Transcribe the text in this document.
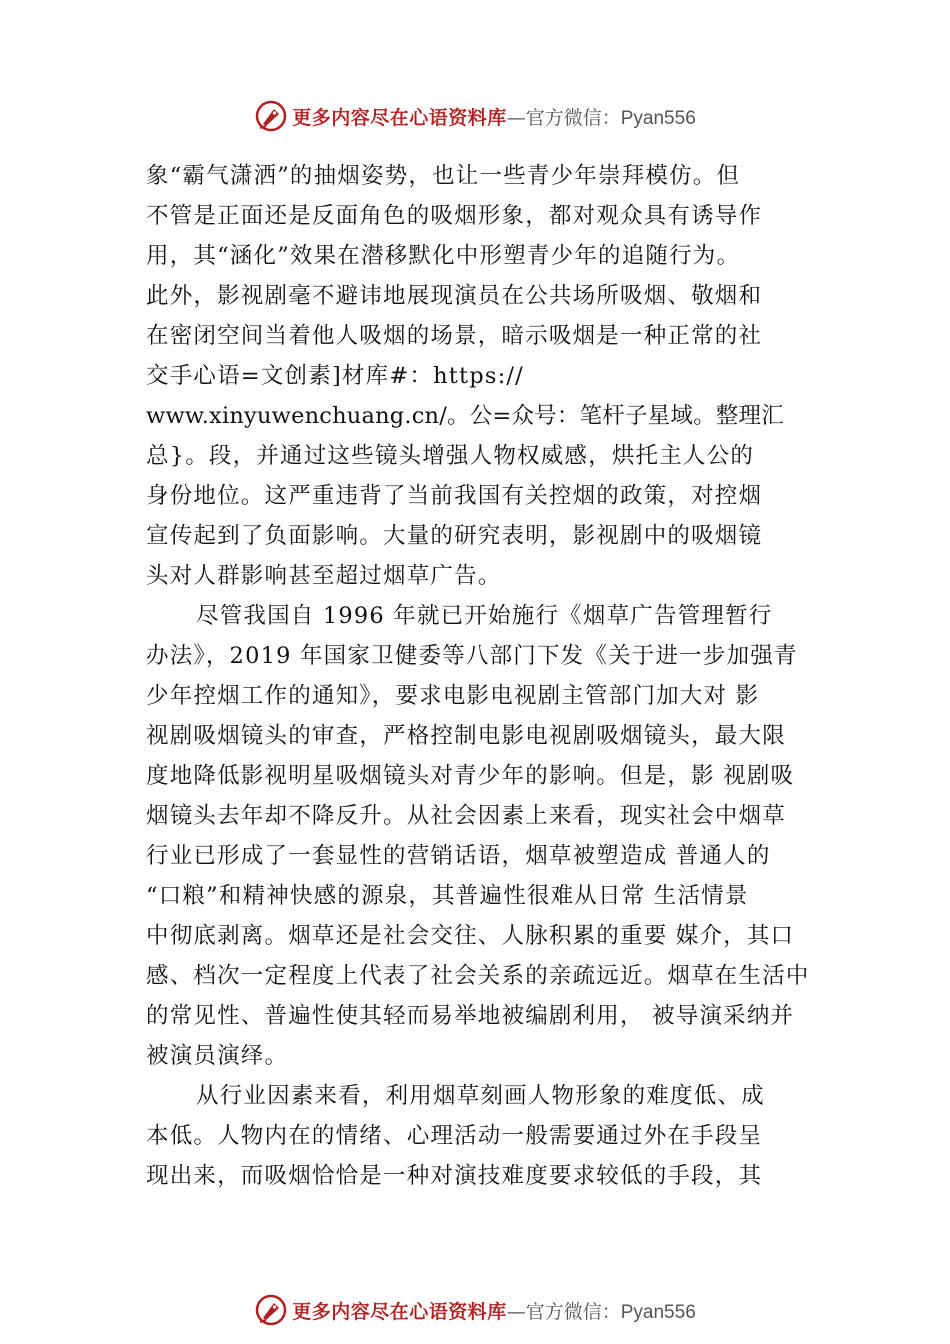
更多内容尽在心语资料库—官方微信：Pyan556
象“霸气潇洒”的抽烟姿势，也让一些青少年崇拜模仿。但
不管是正面还是反面角色的吸烟形象，都对观众具有诱导作
用，其“涵化”效果在潜移默化中形塑青少年的追随行为。
此外，影视剧毫不避讳地展现演员在公共场所吸烟、敬烟和
在密闭空间当着他人吸烟的场景，暗示吸烟是一种正常的社
交手心语=文创素]材库#：https://
www.xinyuwenchuang.cn/。公=众号：笔杆子星域。整理汇
总}。段，并通过这些镜头增强人物权威感，烘托主人公的
身份地位。这严重违背了当前我国有关控烟的政策，对控烟
宣传起到了负面影响。大量的研究表明，影视剧中的吸烟镜
头对人群影响甚至超过烟草广告。
尽管我国自 1996 年就已开始施行《烟草广告管理暂行
办法》，2019 年国家卫健委等八部门下发《关于进一步加强青
少年控烟工作的通知》，要求电影电视剧主管部门加大对 影
视剧吸烟镜头的审查，严格控制电影电视剧吸烟镜头，最大限
度地降低影视明星吸烟镜头对青少年的影响。但是，影 视剧吸
烟镜头去年却不降反升。从社会因素上来看，现实社会中烟草
行业已形成了一套显性的营销话语，烟草被塑造成 普通人的
“口粮”和精神快感的源泉，其普遍性很难从日常 生活情景
中彻底剥离。烟草还是社会交往、人脉积累的重要 媒介，其口
感、档次一定程度上代表了社会关系的亲疏远近。烟草在生活中
的常见性、普遍性使其轻而易举地被编剧利用， 被导演采纳并
被演员演绎。
从行业因素来看，利用烟草刻画人物形象的难度低、成
本低。人物内在的情绪、心理活动一般需要通过外在手段呈
现出来，而吸烟恰恰是一种对演技难度要求较低的手段，其
更多内容尽在心语资料库—官方微信：Pyan556
